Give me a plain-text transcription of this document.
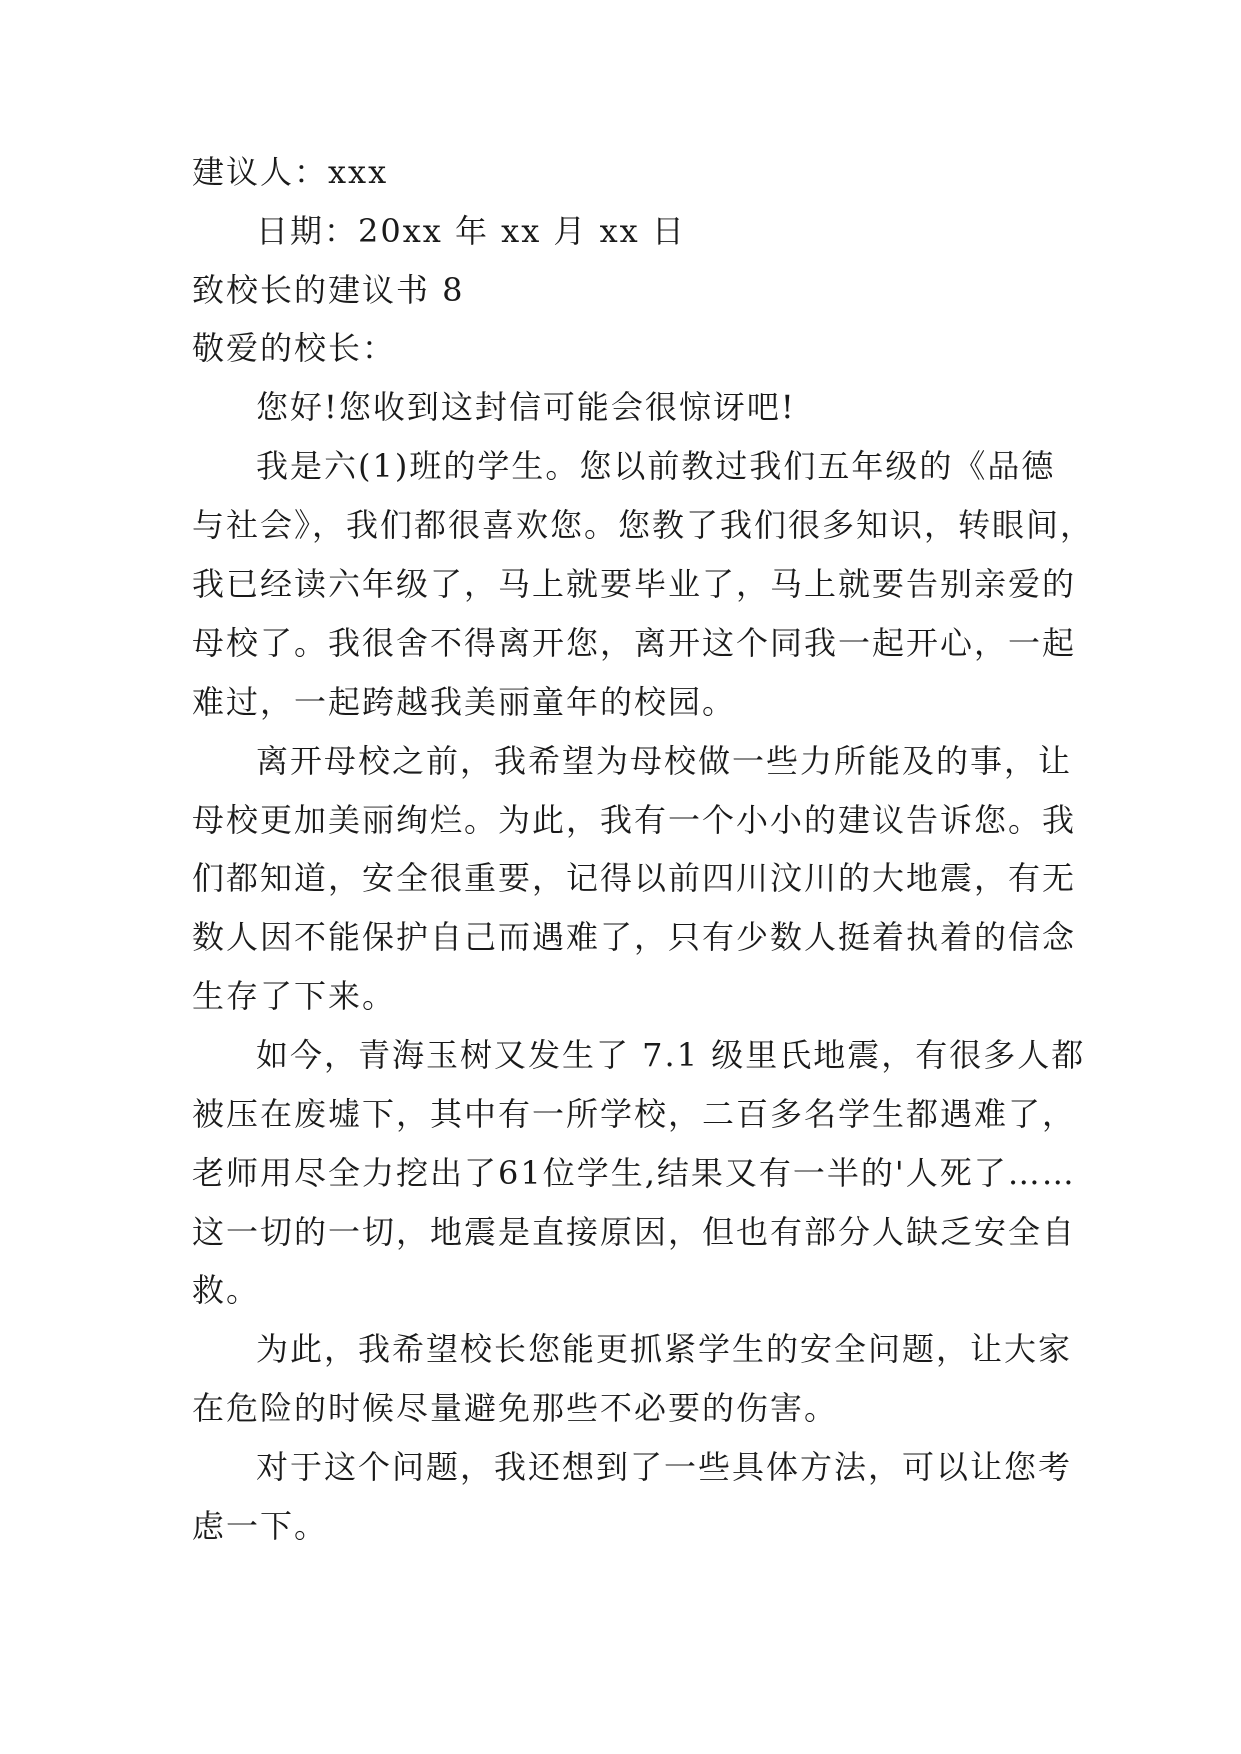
建议人：xxx
日期：20xx 年 xx 月 xx 日
致校长的建议书 8
敬爱的校长：
您好!您收到这封信可能会很惊讶吧!
我是六(1)班的学生。您以前教过我们五年级的《品德
与社会》，我们都很喜欢您。您教了我们很多知识，转眼间，
我已经读六年级了，马上就要毕业了，马上就要告别亲爱的
母校了。我很舍不得离开您，离开这个同我一起开心，一起
难过，一起跨越我美丽童年的校园。
离开母校之前，我希望为母校做一些力所能及的事，让
母校更加美丽绚烂。为此，我有一个小小的建议告诉您。我
们都知道，安全很重要，记得以前四川汶川的大地震，有无
数人因不能保护自己而遇难了，只有少数人挺着执着的信念
生存了下来。
如今，青海玉树又发生了 7.1 级里氏地震，有很多人都
被压在废墟下，其中有一所学校，二百多名学生都遇难了，
老师用尽全力挖出了61位学生,结果又有一半的'人死了……
这一切的一切，地震是直接原因，但也有部分人缺乏安全自
救。
为此，我希望校长您能更抓紧学生的安全问题，让大家
在危险的时候尽量避免那些不必要的伤害。
对于这个问题，我还想到了一些具体方法，可以让您考
虑一下。
